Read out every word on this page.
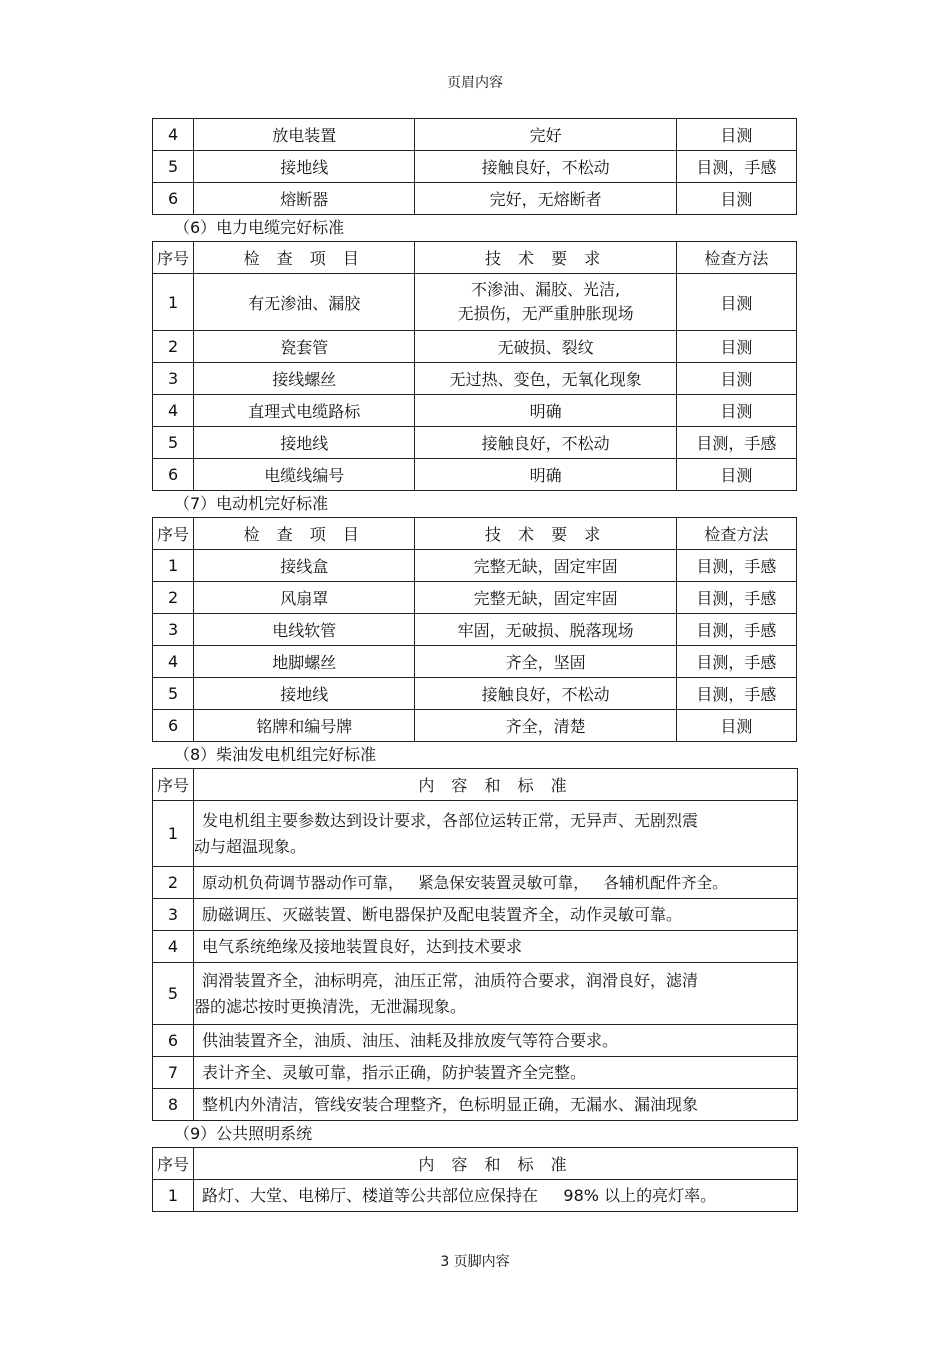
页眉内容
4	放电装置	完好	目测
5	接地线	接触良好，不松动	目测，手感
6	熔断器	完好，无熔断者	目测
（6）电力电缆完好标准
序号	检 查 项 目	技 术 要 求	检查方法
1	有无渗油、漏胶	不渗油、漏胶、光洁,
无损伤，无严重肿胀现场	目测
2	瓷套管	无破损、裂纹	目测
3	接线螺丝	无过热、变色，无氧化现象	目测
4	直理式电缆路标	明确	目测
5	接地线	接触良好，不松动	目测，手感
6	电缆线编号	明确	目测
（7）电动机完好标准
序号	检 查 项 目	技 术 要 求	检查方法
1	接线盒	完整无缺，固定牢固	目测，手感
2	风扇罩	完整无缺，固定牢固	目测，手感
3	电线软管	牢固，无破损、脱落现场	目测，手感
4	地脚螺丝	齐全，坚固	目测，手感
5	接地线	接触良好，不松动	目测，手感
6	铭牌和编号牌	齐全，清楚	目测
（8）柴油发电机组完好标准
序号	内 容 和 标 准
1	发电机组主要参数达到设计要求，各部位运转正常，无异声、无剧烈震
动与超温现象。

2	原动机负荷调节器动作可靠，   紧急保安装置灵敏可靠，   各辅机配件齐全。
3	励磁调压、灭磁装置、断电器保护及配电装置齐全，动作灵敏可靠。
4	电气系统绝缘及接地装置良好，达到技术要求
5	润滑装置齐全，油标明亮，油压正常，油质符合要求，润滑良好，滤清
器的滤芯按时更换清洗，无泄漏现象。

6	供油装置齐全，油质、油压、油耗及排放废气等符合要求。
7	表计齐全、灵敏可靠，指示正确，防护装置齐全完整。
8	整机内外清洁，管线安装合理整齐，色标明显正确，无漏水、漏油现象
（9）公共照明系统
序号	内 容 和 标 准
1	路灯、大堂、电梯厅、楼道等公共部位应保持在     98% 以上的亮灯率。
3 页脚内容
